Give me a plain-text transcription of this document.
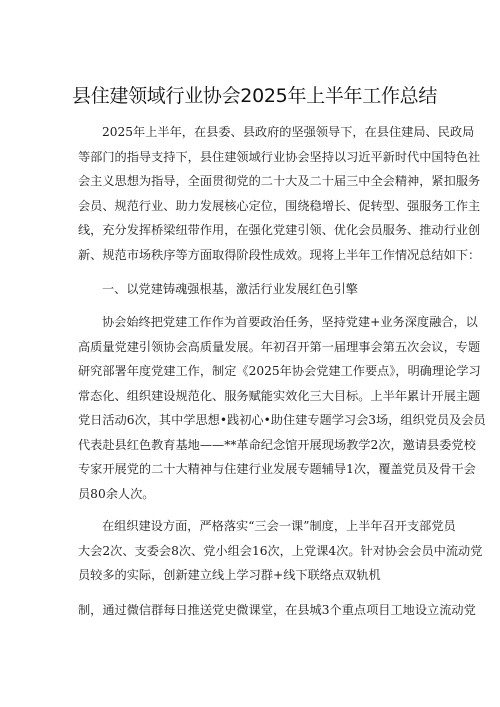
县住建领域行业协会2025年上半年工作总结
2025年上半年，在县委、县政府的坚强领导下，在县住建局、民政局
等部门的指导支持下，县住建领域行业协会坚持以习近平新时代中国特色社
会主义思想为指导，全面贯彻党的二十大及二十届三中全会精神，紧扣服务
会员、规范行业、助力发展核心定位，围绕稳增长、促转型、强服务工作主
线，充分发挥桥梁纽带作用，在强化党建引领、优化会员服务、推动行业创
新、规范市场秩序等方面取得阶段性成效。现将上半年工作情况总结如下：
一、以党建铸魂强根基，激活行业发展红色引擎
协会始终把党建工作作为首要政治任务，坚持党建+业务深度融合，以
高质量党建引领协会高质量发展。年初召开第一届理事会第五次会议，专题
研究部署年度党建工作，制定《2025年协会党建工作要点》，明确理论学习
常态化、组织建设规范化、服务赋能实效化三大目标。上半年累计开展主题
党日活动6次，其中学思想•践初心•助住建专题学习会3场，组织党员及会员
代表赴县红色教育基地——**革命纪念馆开展现场教学2次，邀请县委党校
专家开展党的二十大精神与住建行业发展专题辅导1次，覆盖党员及骨干会
员80余人次。
在组织建设方面，严格落实“三会一课”制度，上半年召开支部党员
大会2次、支委会8次、党小组会16次，上党课4次。针对协会会员中流动党
员较多的实际，创新建立线上学习群+线下联络点双轨机
制，通过微信群每日推送党史微课堂，在县城3个重点项目工地设立流动党
